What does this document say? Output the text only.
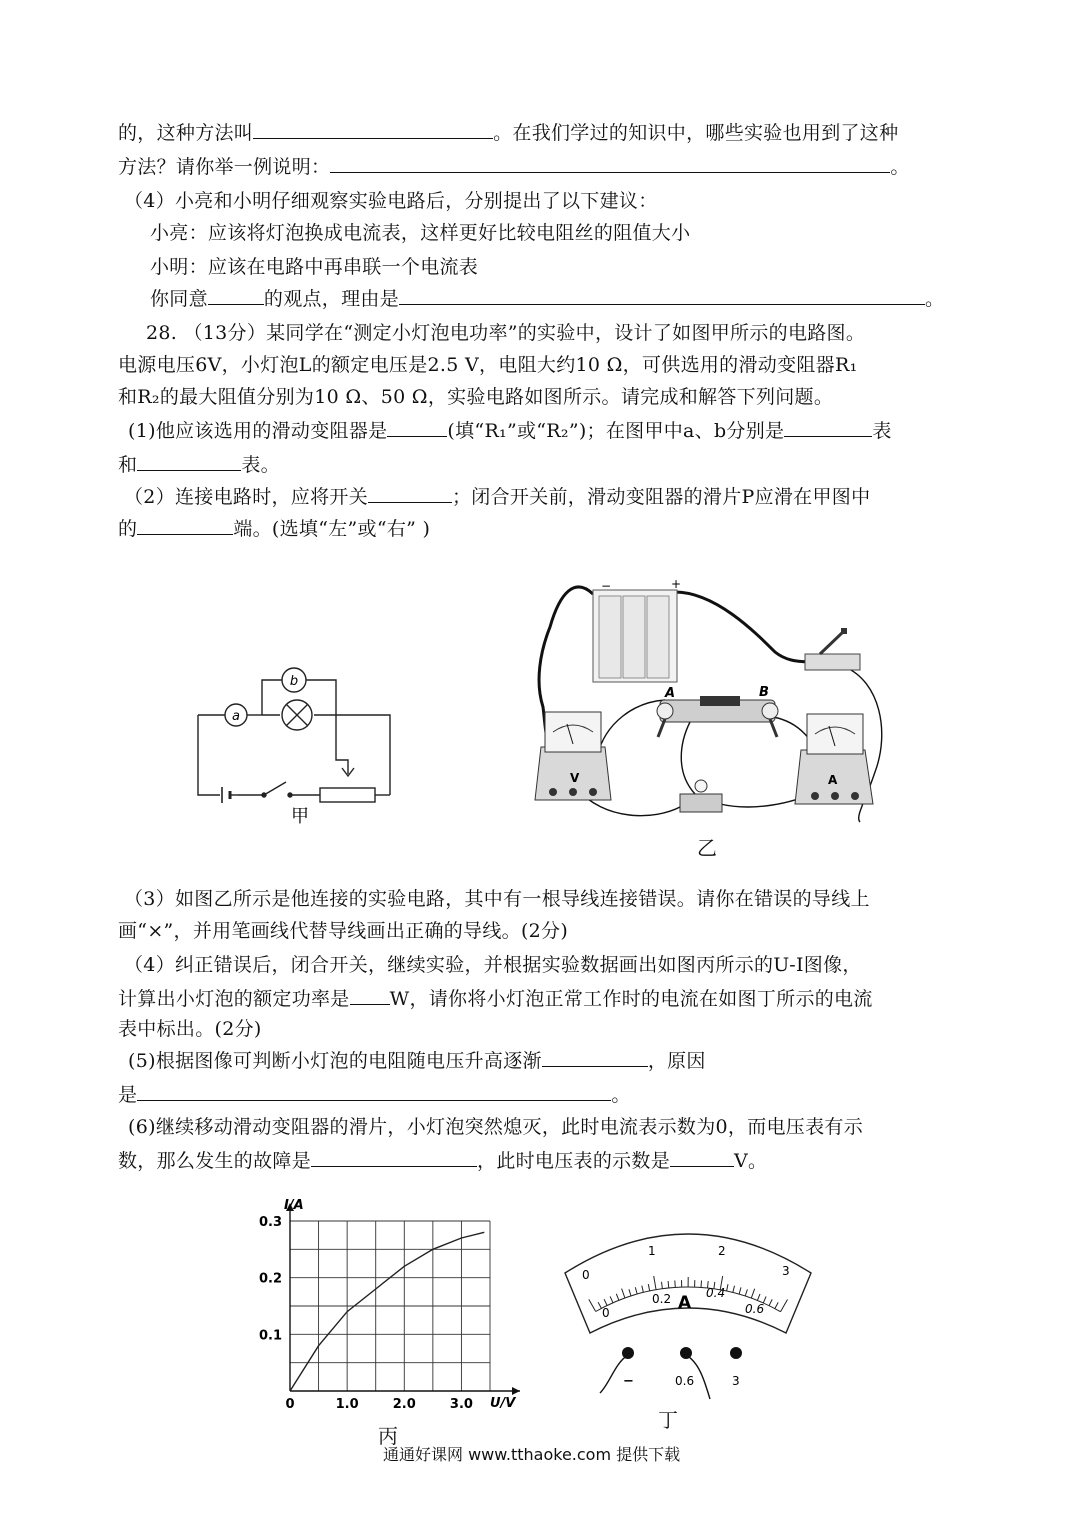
的，这种方法叫	。在我们学过的知识中，哪些实验也用到了这种
方法？请你举一例说明：	。
（4）小亮和小明仔细观察实验电路后，分别提出了以下建议：
小亮：应该将灯泡换成电流表，这样更好比较电阻丝的阻值大小
小明：应该在电路中再串联一个电流表
你同意	的观点，理由是	。
28. （13分）某同学在“测定小灯泡电功率”的实验中，设计了如图甲所示的电路图。
电源电压6V，小灯泡L的额定电压是2.5 V，电阻大约10 Ω，可供选用的滑动变阻器R₁
和R₂的最大阻值分别为10 Ω、50 Ω，实验电路如图所示。请完成和解答下列问题。
(1)他应该选用的滑动变阻器是	(填“R₁”或“R₂”)；在图甲中a、b分别是	表
和	表。
（2）连接电路时，应将开关	；闭合开关前，滑动变阻器的滑片P应滑在甲图中
的	端。(选填“左”或“右” )
a
b
甲
−	+
A	B
V	A
乙
（3）如图乙所示是他连接的实验电路，其中有一根导线连接错误。请你在错误的导线上
画“×”，并用笔画线代替导线画出正确的导线。(2分)
（4）纠正错误后，闭合开关，继续实验，并根据实验数据画出如图丙所示的U-I图像，
计算出小灯泡的额定功率是 W，请你将小灯泡正常工作时的电流在如图丁所示的电流
表中标出。(2分)
(5)根据图像可判断小灯泡的电阻随电压升高逐渐	，原因
是	。
(6)继续移动滑动变阻器的滑片，小灯泡突然熄灭，此时电流表示数为0，而电压表有示
数，那么发生的故障是	，此时电压表的示数是	V。
0	1.0	2.0	3.0
0.1
0.2
0.3
I/A
U/V
丙
0
1	2
3
0
0.2	0.4
0.6
A
−	0.6	3
丁
通通好课网 www.tthaoke.com 提供下载
